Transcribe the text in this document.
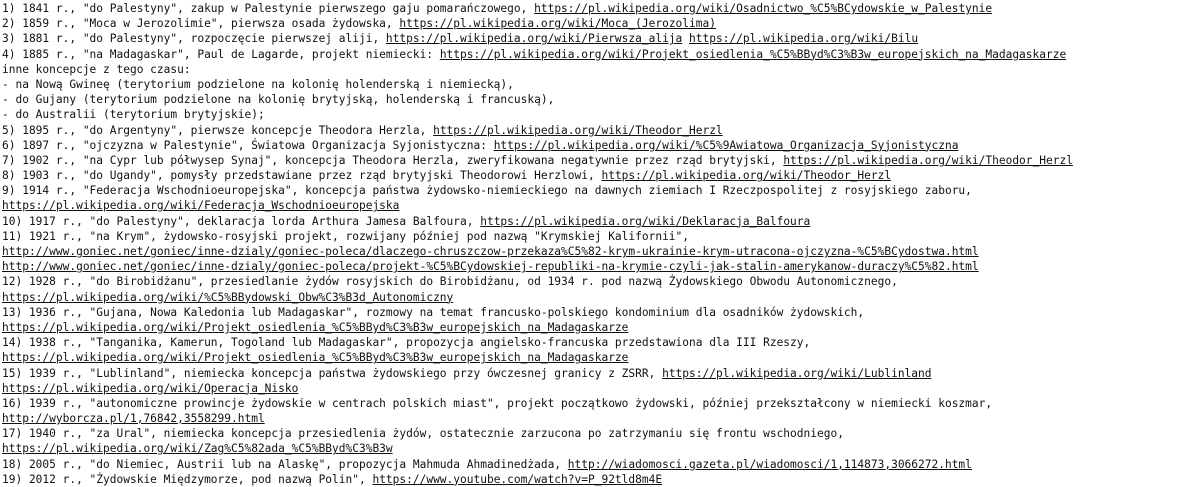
1) 1841 r., "do Palestyny", zakup w Palestynie pierwszego gaju pomarańczowego, https://pl.wikipedia.org/wiki/Osadnictwo_%C5%BCydowskie_w_Palestynie
2) 1859 r., "Moca w Jerozolimie", pierwsza osada żydowska, https://pl.wikipedia.org/wiki/Moca_(Jerozolima)
3) 1881 r., "do Palestyny", rozpoczęcie pierwszej aliji, https://pl.wikipedia.org/wiki/Pierwsza_alija https://pl.wikipedia.org/wiki/Bilu
4) 1885 r., "na Madagaskar", Paul de Lagarde, projekt niemiecki: https://pl.wikipedia.org/wiki/Projekt_osiedlenia_%C5%BByd%C3%B3w_europejskich_na_Madagaskarze
inne koncepcje z tego czasu:
- na Nową Gwineę (terytorium podzielone na kolonię holenderską i niemiecką),
- do Gujany (terytorium podzielone na kolonię brytyjską, holenderską i francuską),
- do Australii (terytorium brytyjskie);
5) 1895 r., "do Argentyny", pierwsze koncepcje Theodora Herzla, https://pl.wikipedia.org/wiki/Theodor_Herzl
6) 1897 r., "ojczyzna w Palestynie", Światowa Organizacja Syjonistyczna: https://pl.wikipedia.org/wiki/%C5%9Awiatowa_Organizacja_Syjonistyczna
7) 1902 r., "na Cypr lub półwysep Synaj", koncepcja Theodora Herzla, zweryfikowana negatywnie przez rząd brytyjski, https://pl.wikipedia.org/wiki/Theodor_Herzl
8) 1903 r., "do Ugandy", pomysły przedstawiane przez rząd brytyjski Theodorowi Herzlowi, https://pl.wikipedia.org/wiki/Theodor_Herzl
9) 1914 r., "Federacja Wschodnioeuropejska", koncepcja państwa żydowsko-niemieckiego na dawnych ziemiach I Rzeczpospolitej z rosyjskiego zaboru,
https://pl.wikipedia.org/wiki/Federacja_Wschodnioeuropejska
10) 1917 r., "do Palestyny", deklaracja lorda Arthura Jamesa Balfoura, https://pl.wikipedia.org/wiki/Deklaracja_Balfoura
11) 1921 r., "na Krym", żydowsko-rosyjski projekt, rozwijany później pod nazwą "Krymskiej Kalifornii",
http://www.goniec.net/goniec/inne-dzialy/goniec-poleca/dlaczego-chruszczow-przekaza%C5%82-krym-ukrainie-krym-utracona-ojczyzna-%C5%BCydostwa.html
http://www.goniec.net/goniec/inne-dzialy/goniec-poleca/projekt-%C5%BCydowskiej-republiki-na-krymie-czyli-jak-stalin-amerykanow-duraczy%C5%82.html
12) 1928 r., "do Birobidżanu", przesiedlanie żydów rosyjskich do Birobidżanu, od 1934 r. pod nazwą Żydowskiego Obwodu Autonomicznego,
https://pl.wikipedia.org/wiki/%C5%BBydowski_Obw%C3%B3d_Autonomiczny
13) 1936 r., "Gujana, Nowa Kaledonia lub Madagaskar", rozmowy na temat francusko-polskiego kondominium dla osadników żydowskich,
https://pl.wikipedia.org/wiki/Projekt_osiedlenia_%C5%BByd%C3%B3w_europejskich_na_Madagaskarze
14) 1938 r., "Tanganika, Kamerun, Togoland lub Madagaskar", propozycja angielsko-francuska przedstawiona dla III Rzeszy,
https://pl.wikipedia.org/wiki/Projekt_osiedlenia_%C5%BByd%C3%B3w_europejskich_na_Madagaskarze
15) 1939 r., "Lublinland", niemiecka koncepcja państwa żydowskiego przy ówczesnej granicy z ZSRR, https://pl.wikipedia.org/wiki/Lublinland
https://pl.wikipedia.org/wiki/Operacja_Nisko
16) 1939 r., "autonomiczne prowincje żydowskie w centrach polskich miast", projekt początkowo żydowski, później przekształcony w niemiecki koszmar,
http://wyborcza.pl/1,76842,3558299.html
17) 1940 r., "za Ural", niemiecka koncepcja przesiedlenia żydów, ostatecznie zarzucona po zatrzymaniu się frontu wschodniego,
https://pl.wikipedia.org/wiki/Zag%C5%82ada_%C5%BByd%C3%B3w
18) 2005 r., "do Niemiec, Austrii lub na Alaskę", propozycja Mahmuda Ahmadinedżada, http://wiadomosci.gazeta.pl/wiadomosci/1,114873,3066272.html
19) 2012 r., "Żydowskie Międzymorze, pod nazwą Polin", https://www.youtube.com/watch?v=P_92tld8m4E
